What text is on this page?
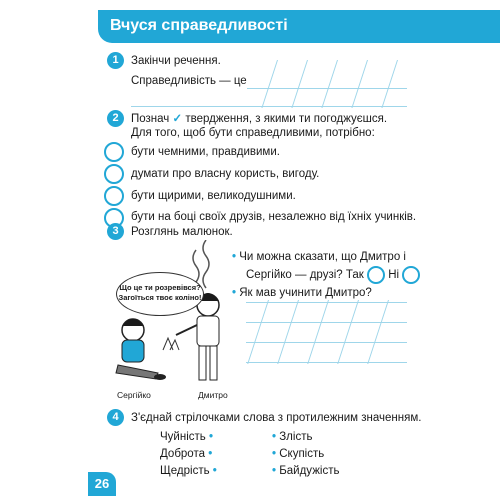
Вчуся справедливості
1	Закінчи речення.
Справедливість — це
2	Познач ✓ твердження, з якими ти погоджуєшся.
Для того, щоб бути справедливими, потрібно:
бути чемними, правдивими.
думати про власну користь, вигоду.
бути щирими, великодушними.
бути на боці своїх друзів, незалежно від їхніх учинків.
3	Розглянь малюнок.
Що це ти розревівся? Загоїться твоє коліно!
Сергійко	Дмитро
• Чи можна сказати, що Дмитро і
Сергійко — друзі? Так Ні
• Як мав учинити Дмитро?
4	З'єднай стрілочками слова з протилежним значенням.
Чуйність •
Доброта •
Щедрість •
• Злість
• Скупість
• Байдужість
26
